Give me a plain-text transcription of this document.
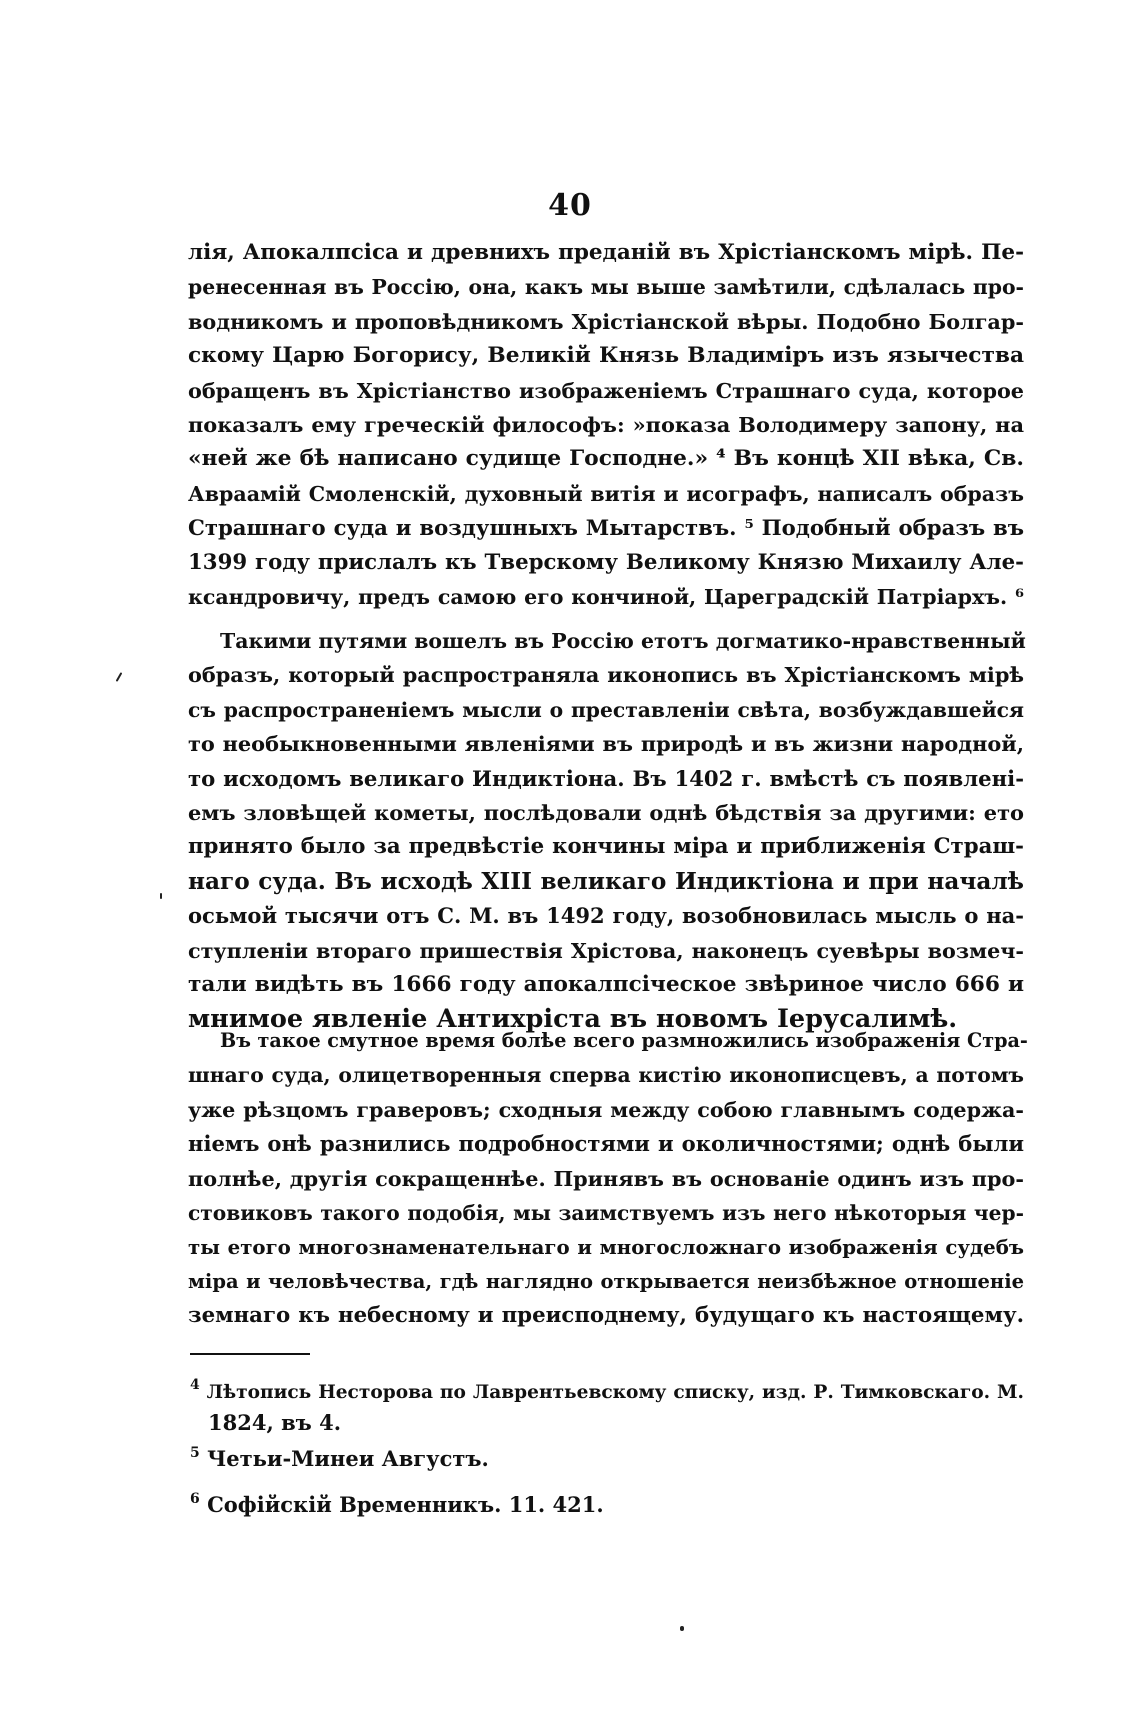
40
лія, Апокалпсіса и древнихъ преданій въ Хрістіанскомъ мірѣ. Пе-
ренесенная въ Россію, она, какъ мы выше замѣтили, сдѣлалась про-
водникомъ и проповѣдникомъ Хрістіанской вѣры. Подобно Болгар-
скому Царю Богорису, Великій Князь Владиміръ изъ язычества
обращенъ въ Хрістіанство изображеніемъ Страшнаго суда, которое
показалъ ему греческій философъ: »показа Володимеру запону, на
«ней же бѣ написано судище Господне.» ⁴ Въ концѣ XII вѣка, Св.
Авраамій Смоленскій, духовный витія и исографъ, написалъ образъ
Страшнаго суда и воздушныхъ Мытарствъ. ⁵ Подобный образъ въ
1399 году прислалъ къ Тверскому Великому Князю Михаилу Але-
ксандровичу, предъ самою его кончиной, Цареградскій Патріархъ. ⁶
Такими путями вошелъ въ Россію етотъ догматико-нравственный
образъ, который распространяла иконопись въ Хрістіанскомъ мірѣ
съ распространеніемъ мысли о преставленіи свѣта, возбуждавшейся
то необыкновенными явленіями въ природѣ и въ жизни народной,
то исходомъ великаго Индиктіона. Въ 1402 г. вмѣстѣ съ появлені-
емъ зловѣщей кометы, послѣдовали однѣ бѣдствія за другими: ето
принято было за предвѣстіе кончины міра и приближенія Страш-
наго суда. Въ исходѣ XIII великаго Индиктіона и при началѣ
осьмой тысячи отъ С. М. въ 1492 году, возобновилась мысль о на-
ступленіи втораго пришествія Хрістова, наконецъ суевѣры возмеч-
тали видѣть въ 1666 году апокалпсіческое звѣриное число 666 и
мнимое явленіе Антихріста въ новомъ Іерусалимѣ.
Въ такое смутное время болѣе всего размножились изображенія Стра-
шнаго суда, олицетворенныя сперва кистію иконописцевъ, а потомъ
уже рѣзцомъ граверовъ; сходныя между собою главнымъ содержа-
ніемъ онѣ разнились подробностями и околичностями; однѣ были
полнѣе, другія сокращеннѣе. Принявъ въ основаніе одинъ изъ про-
стовиковъ такого подобія, мы заимствуемъ изъ него нѣкоторыя чер-
ты етого многознаменательнаго и многосложнаго изображенія судебъ
міра и человѣчества, гдѣ наглядно открывается неизбѣжное отношеніе
земнаго къ небесному и преисподнему, будущаго къ настоящему.
$^4$ Лѣтопись Несторова по Лаврентьевскому списку, изд. Р. Тимковскаго. М.
1824, въ 4.
$^5$ Четьи-Минеи Августъ.
$^6$ Софійскій Временникъ. 11. 421.
